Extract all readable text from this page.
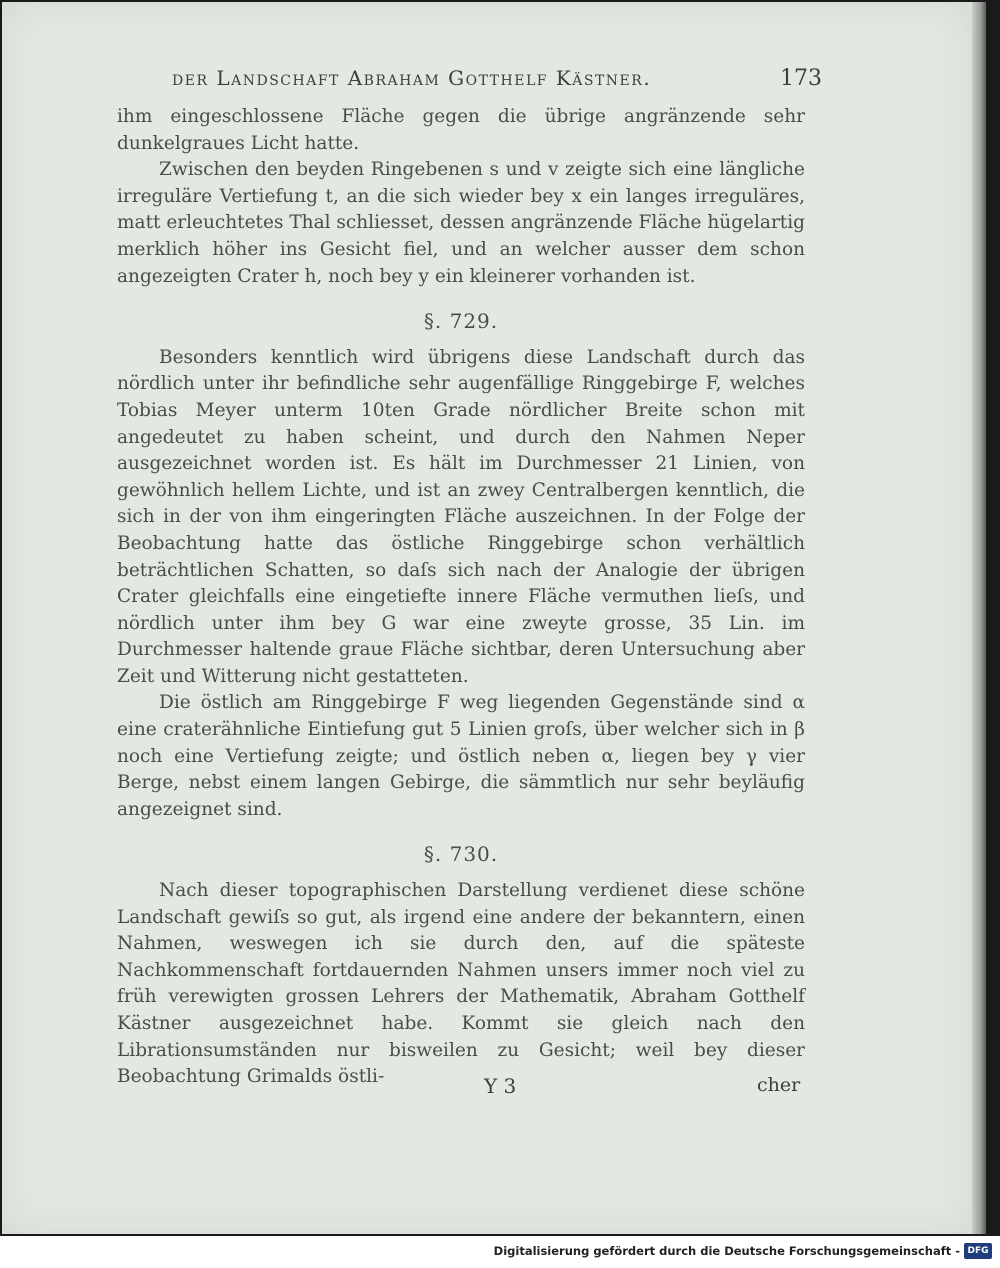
der Landschaft Abraham Gotthelf Kästner.	173

ihm eingeschlossene Fläche gegen die übrige angränzende sehr dunkelgraues Licht hatte.

Zwischen den beyden Ringebenen s und v zeigte sich eine längliche irreguläre Vertiefung t, an die sich wieder bey x ein langes irreguläres, matt erleuchtetes Thal schliesset, dessen angränzende Fläche hügelartig merklich höher ins Gesicht fiel, und an welcher ausser dem schon angezeigten Crater h, noch bey y ein kleinerer vorhanden ist.

§. 729.

Besonders kenntlich wird übrigens diese Landschaft durch das nördlich unter ihr befindliche sehr augenfällige Ringgebirge F, welches Tobias Meyer unterm 10ten Grade nördlicher Breite schon mit angedeutet zu haben scheint, und durch den Nahmen Neper ausgezeichnet worden ist. Es hält im Durchmesser 21 Linien, von gewöhnlich hellem Lichte, und ist an zwey Centralbergen kenntlich, die sich in der von ihm eingeringten Fläche auszeichnen. In der Folge der Beobachtung hatte das östliche Ringgebirge schon verhältlich beträchtlichen Schatten, so daſs sich nach der Analogie der übrigen Crater gleichfalls eine eingetiefte innere Fläche vermuthen lieſs, und nördlich unter ihm bey G war eine zweyte grosse, 35 Lin. im Durchmesser haltende graue Fläche sichtbar, deren Untersuchung aber Zeit und Witterung nicht gestatteten.

Die östlich am Ringgebirge F weg liegenden Gegenstände sind α eine craterähnliche Eintiefung gut 5 Linien groſs, über welcher sich in β noch eine Vertiefung zeigte; und östlich neben α, liegen bey γ vier Berge, nebst einem langen Gebirge, die sämmtlich nur sehr beyläufig angezeignet sind.

§. 730.

Nach dieser topographischen Darstellung verdienet diese schöne Landschaft gewiſs so gut, als irgend eine andere der bekanntern, einen Nahmen, weswegen ich sie durch den, auf die späteste Nachkommenschaft fortdauernden Nahmen unsers immer noch viel zu früh verewigten grossen Lehrers der Mathematik, Abraham Gotthelf Kästner ausgezeichnet habe. Kommt sie gleich nach den Librationsumständen nur bisweilen zu Gesicht; weil bey dieser Beobachtung Grimalds östli-	Y 3	cher
Digitalisierung gefördert durch die Deutsche Forschungsgemeinschaft - DFG
